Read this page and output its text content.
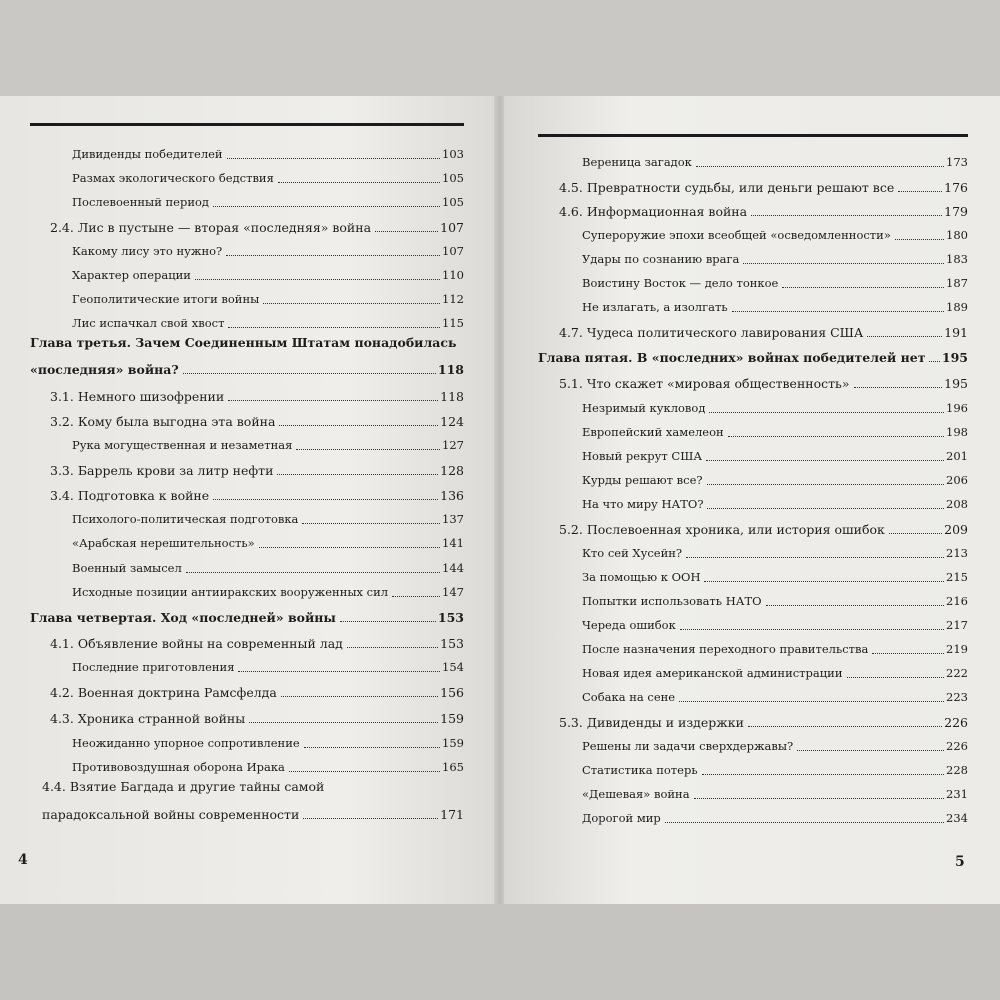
Дивиденды победителей	103
Размах экологического бедствия	105
Послевоенный период	105
2.4. Лис в пустыне — вторая «последняя» война	107
Какому лису это нужно?	107
Характер операции	110
Геополитические итоги войны	112
Лис испачкал свой хвост	115
Глава третья. Зачем Соединенным Штатам понадобилась
«последняя» война?	118
3.1. Немного шизофрении	118
3.2. Кому была выгодна эта война	124
Рука могущественная и незаметная	127
3.3. Баррель крови за литр нефти	128
3.4. Подготовка к войне	136
Психолого-политическая подготовка	137
«Арабская нерешительность»	141
Военный замысел	144
Исходные позиции антииракских вооруженных сил	147
Глава четвертая. Ход «последней» войны	153
4.1. Объявление войны на современный лад	153
Последние приготовления	154
4.2. Военная доктрина Рамсфелда	156
4.3. Хроника странной войны	159
Неожиданно упорное сопротивление	159
Противовоздушная оборона Ирака	165
4.4. Взятие Багдада и другие тайны самой
парадоксальной войны современности	171
4
Вереница загадок	173
4.5. Превратности судьбы, или деньги решают все	176
4.6. Информационная война	179
Супероружие эпохи всеобщей «осведомленности»	180
Удары по сознанию врага	183
Воистину Восток — дело тонкое	187
Не излагать, а изолгать	189
4.7. Чудеса политического лавирования США	191
Глава пятая. В «последних» войнах победителей нет 195
5.1. Что скажет «мировая общественность»	195
Незримый кукловод	196
Европейский хамелеон	198
Новый рекрут США	201
Курды решают все?	206
На что миру НАТО?	208
5.2. Послевоенная хроника, или история ошибок	209
Кто сей Хусейн?	213
За помощью к ООН	215
Попытки использовать НАТО	216
Череда ошибок	217
После назначения переходного правительства	219
Новая идея американской администрации	222
Собака на сене	223
5.3. Дивиденды и издержки	226
Решены ли задачи сверхдержавы?	226
Статистика потерь	228
«Дешевая» война	231
Дорогой мир	234
5
